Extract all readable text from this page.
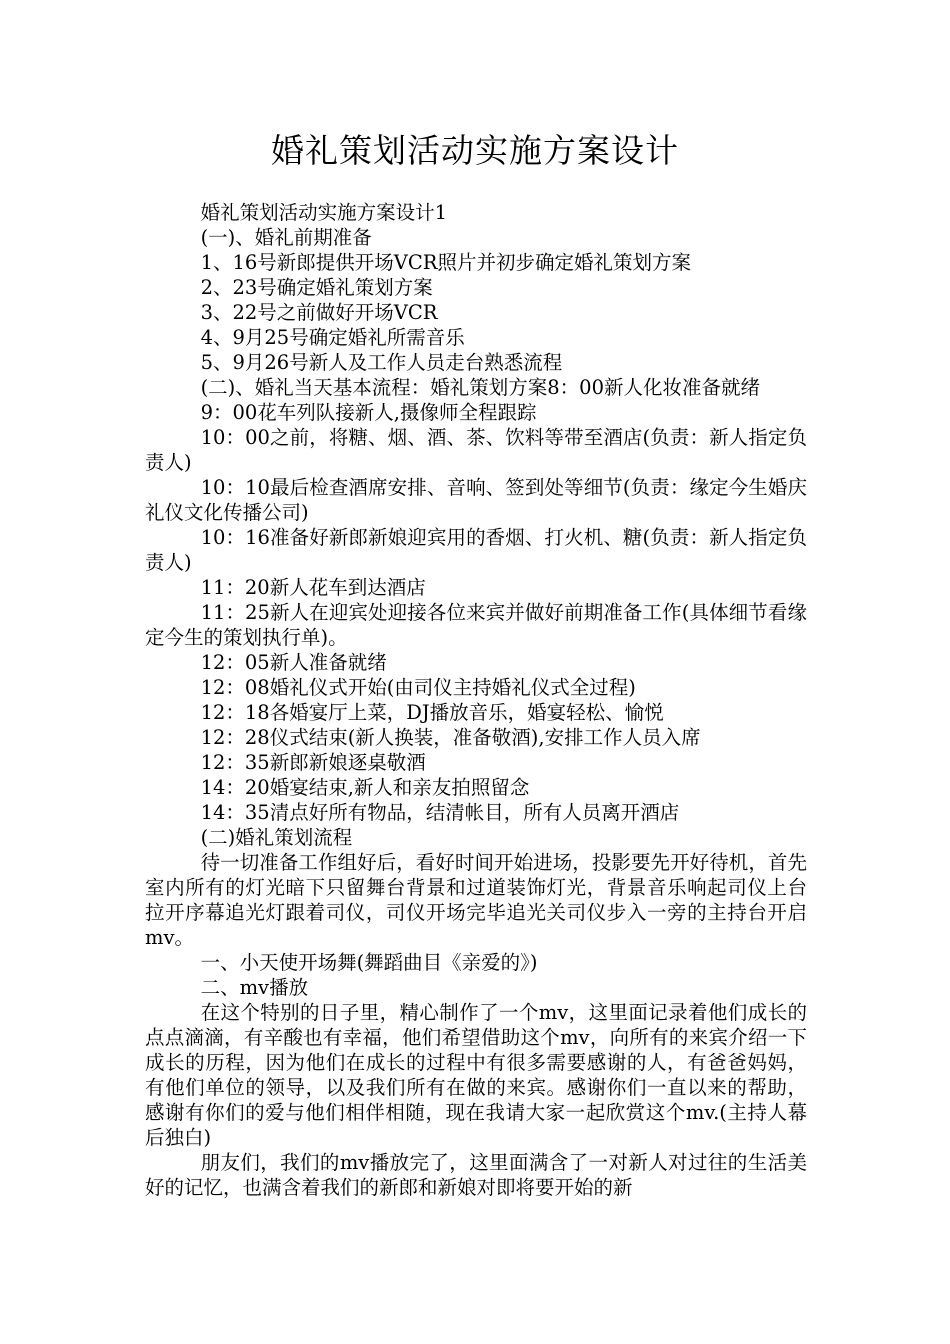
婚礼策划活动实施方案设计

婚礼策划活动实施方案设计1

(一)、婚礼前期准备

1、16号新郎提供开场VCR照片并初步确定婚礼策划方案

2、23号确定婚礼策划方案

3、22号之前做好开场VCR

4、9月25号确定婚礼所需音乐

5、9月26号新人及工作人员走台熟悉流程

(二)、婚礼当天基本流程：婚礼策划方案8：00新人化妆准备就绪

9：00花车列队接新人,摄像师全程跟踪

10：00之前，将糖、烟、酒、茶、饮料等带至酒店(负责：新人指定负责人)

10：10最后检查酒席安排、音响、签到处等细节(负责：缘定今生婚庆礼仪文化传播公司)

10：16准备好新郎新娘迎宾用的香烟、打火机、糖(负责：新人指定负责人)

11：20新人花车到达酒店

11：25新人在迎宾处迎接各位来宾并做好前期准备工作(具体细节看缘定今生的策划执行单)。

12：05新人准备就绪

12：08婚礼仪式开始(由司仪主持婚礼仪式全过程)

12：18各婚宴厅上菜，DJ播放音乐，婚宴轻松、愉悦

12：28仪式结束(新人换装，准备敬酒),安排工作人员入席

12：35新郎新娘逐桌敬酒

14：20婚宴结束,新人和亲友拍照留念

14：35清点好所有物品，结清帐目，所有人员离开酒店

(二)婚礼策划流程

待一切准备工作组好后，看好时间开始进场，投影要先开好待机，首先室内所有的灯光暗下只留舞台背景和过道装饰灯光，背景音乐响起司仪上台拉开序幕追光灯跟着司仪，司仪开场完毕追光关司仪步入一旁的主持台开启mv。

一、小天使开场舞(舞蹈曲目《亲爱的》)

二、mv播放

在这个特别的日子里，精心制作了一个mv，这里面记录着他们成长的点点滴滴，有辛酸也有幸福，他们希望借助这个mv，向所有的来宾介绍一下成长的历程，因为他们在成长的过程中有很多需要感谢的人，有爸爸妈妈，有他们单位的领导，以及我们所有在做的来宾。感谢你们一直以来的帮助，感谢有你们的爱与他们相伴相随，现在我请大家一起欣赏这个mv.(主持人幕后独白)

朋友们，我们的mv播放完了，这里面满含了一对新人对过往的生活美好的记忆，也满含着我们的新郎和新娘对即将要开始的新
